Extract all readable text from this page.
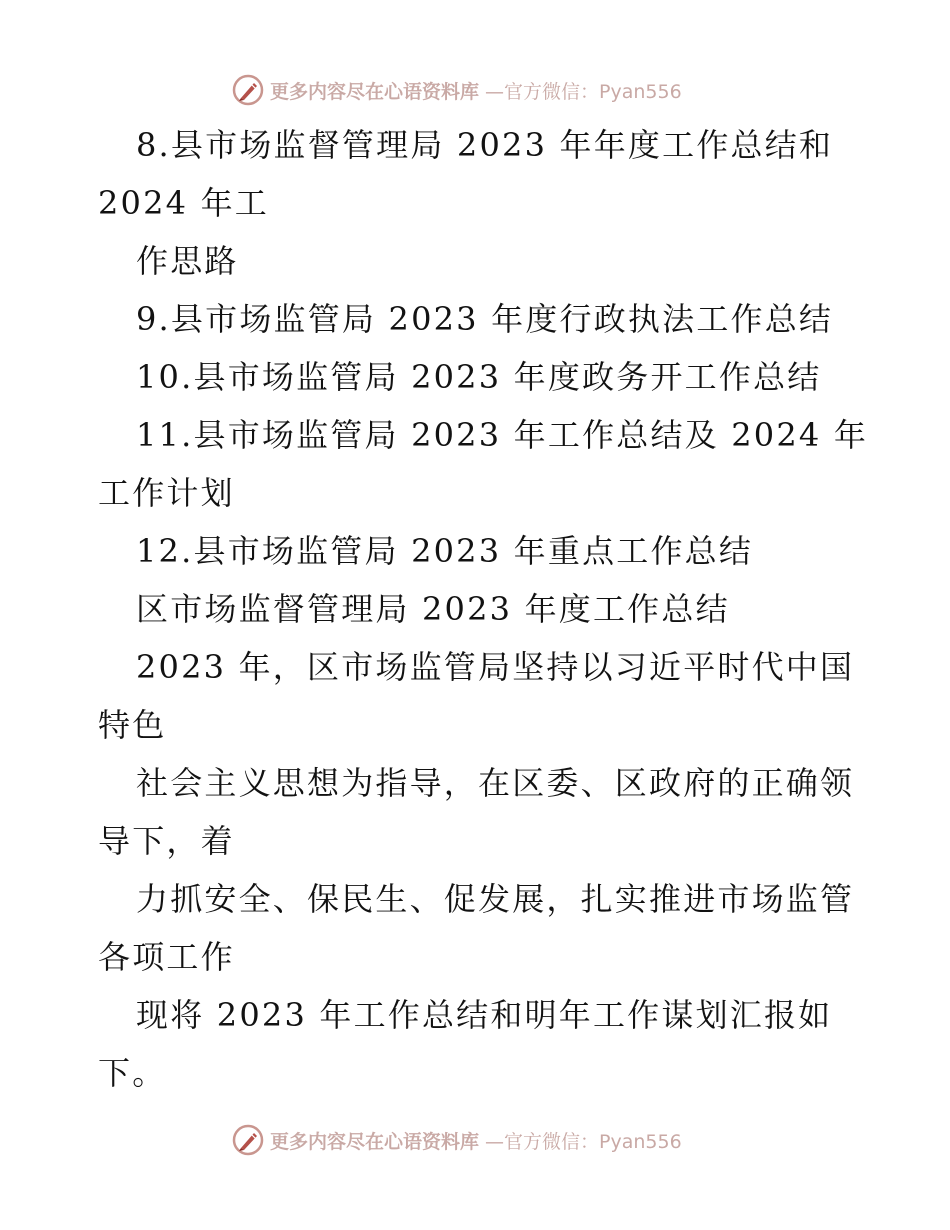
更多内容尽在心语资料库 —官方微信：Pyan556
8.县市场监督管理局 2023 年年度工作总结和
2024 年工
作思路
9.县市场监管局 2023 年度行政执法工作总结
10.县市场监管局 2023 年度政务开工作总结
11.县市场监管局 2023 年工作总结及 2024 年
工作计划
12.县市场监管局 2023 年重点工作总结
区市场监督管理局 2023 年度工作总结
2023 年，区市场监管局坚持以习近平时代中国
特色
社会主义思想为指导，在区委、区政府的正确领
导下，着
力抓安全、保民生、促发展，扎实推进市场监管
各项工作
现将 2023 年工作总结和明年工作谋划汇报如
下。
更多内容尽在心语资料库 —官方微信：Pyan556
